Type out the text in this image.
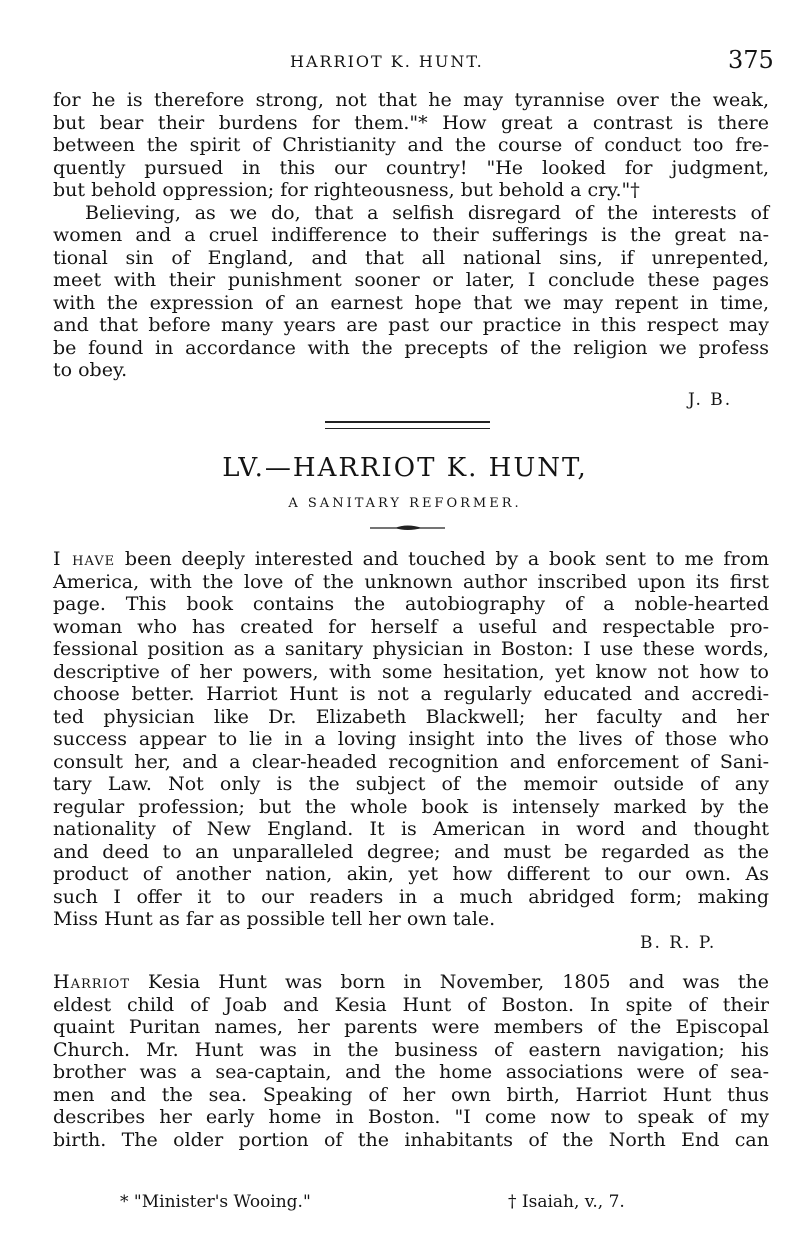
HARRIOT K. HUNT.	375
for he is therefore strong, not that he may tyrannise over the weak,
but bear their burdens for them."* How great a contrast is there
between the spirit of Christianity and the course of conduct too fre-
quently pursued in this our country! "He looked for judgment,
but behold oppression; for righteousness, but behold a cry."†
Believing, as we do, that a selfish disregard of the interests of
women and a cruel indifference to their sufferings is the great na-
tional sin of England, and that all national sins, if unrepented,
meet with their punishment sooner or later, I conclude these pages
with the expression of an earnest hope that we may repent in time,
and that before many years are past our practice in this respect may
be found in accordance with the precepts of the religion we profess
to obey.
J. B.
LV.—HARRIOT K. HUNT,
A SANITARY REFORMER.
I have been deeply interested and touched by a book sent to me from
America, with the love of the unknown author inscribed upon its first
page. This book contains the autobiography of a noble-hearted
woman who has created for herself a useful and respectable pro-
fessional position as a sanitary physician in Boston: I use these words,
descriptive of her powers, with some hesitation, yet know not how to
choose better. Harriot Hunt is not a regularly educated and accredi-
ted physician like Dr. Elizabeth Blackwell; her faculty and her
success appear to lie in a loving insight into the lives of those who
consult her, and a clear-headed recognition and enforcement of Sani-
tary Law. Not only is the subject of the memoir outside of any
regular profession; but the whole book is intensely marked by the
nationality of New England. It is American in word and thought
and deed to an unparalleled degree; and must be regarded as the
product of another nation, akin, yet how different to our own. As
such I offer it to our readers in a much abridged form; making
Miss Hunt as far as possible tell her own tale.
B. R. P.
Harriot Kesia Hunt was born in November, 1805 and was the
eldest child of Joab and Kesia Hunt of Boston. In spite of their
quaint Puritan names, her parents were members of the Episcopal
Church. Mr. Hunt was in the business of eastern navigation; his
brother was a sea-captain, and the home associations were of sea-
men and the sea. Speaking of her own birth, Harriot Hunt thus
describes her early home in Boston. "I come now to speak of my
birth. The older portion of the inhabitants of the North End can
* "Minister's Wooing."	† Isaiah, v., 7.
